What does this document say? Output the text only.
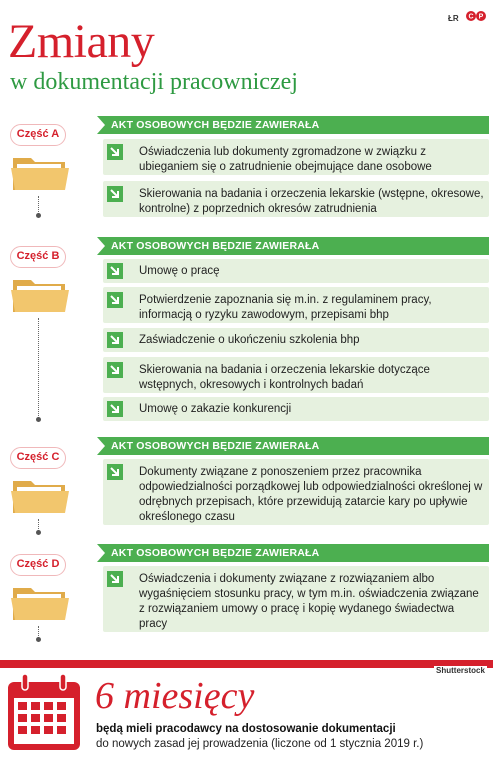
ŁR C P
Zmiany
w dokumentacji pracowniczej
Część A
AKT OSOBOWYCH BĘDZIE ZAWIERAŁA
Oświadczenia lub dokumenty zgromadzone w związku z ubieganiem się o zatrudnienie obejmujące dane osobowe
Skierowania na badania i orzeczenia lekarskie (wstępne, okresowe, kontrolne) z poprzednich okresów zatrudnienia
Część B
AKT OSOBOWYCH BĘDZIE ZAWIERAŁA
Umowę o pracę
Potwierdzenie zapoznania się m.in. z regulaminem pracy, informacją o ryzyku zawodowym, przepisami bhp
Zaświadczenie o ukończeniu szkolenia bhp
Skierowania na badania i orzeczenia lekarskie dotyczące wstępnych, okresowych i kontrolnych badań
Umowę o zakazie konkurencji
Część C
AKT OSOBOWYCH BĘDZIE ZAWIERAŁA
Dokumenty związane z ponoszeniem przez pracownika odpowiedzialności porządkowej lub odpowiedzialności określonej w odrębnych przepisach, które przewidują zatarcie kary po upływie określonego czasu
Część D
AKT OSOBOWYCH BĘDZIE ZAWIERAŁA
Oświadczenia i dokumenty związane z rozwiązaniem albo wygaśnięciem stosunku pracy, w tym m.in. oświadczenia związane z rozwiązaniem umowy o pracę i kopię wydanego świadectwa pracy
Shutterstock
6 miesięcy
będą mieli pracodawcy na dostosowanie dokumentacji
do nowych zasad jej prowadzenia (liczone od 1 stycznia 2019 r.)
